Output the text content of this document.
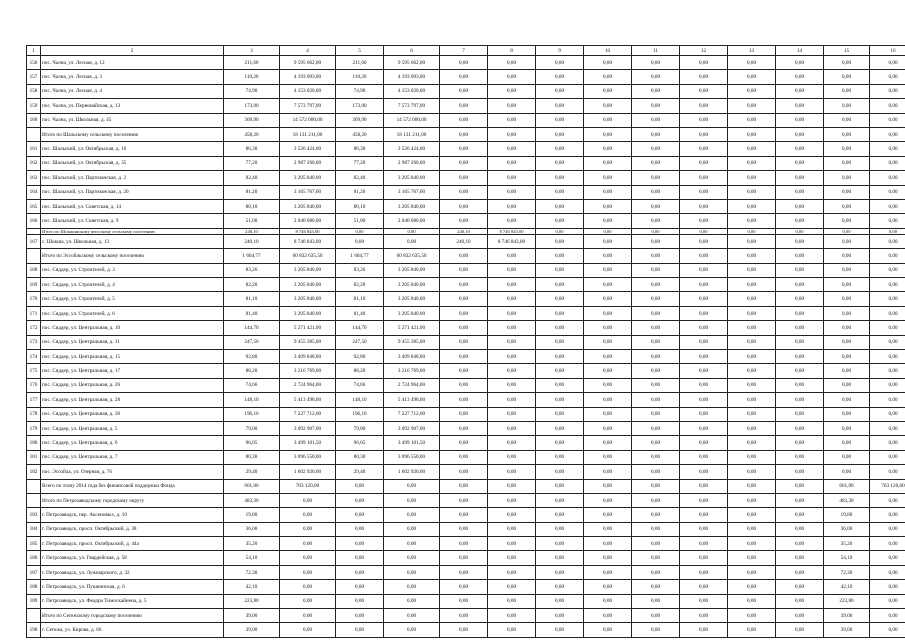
1	2	3	4	5	6	7	8	9	10	11	12	13	14	15	16
156	пос. Чална, ул. Лесная, д. 12	211,60	9 595 662,00	211,60	9 595 662,00	0,00	0,00	0,00	0,00	0,00	0,00	0,00	0,00	0,00	0,00
157	пос. Чална, ул. Лесная, д. 3	110,20	4 193 093,00	110,20	4 193 093,00	0,00	0,00	0,00	0,00	0,00	0,00	0,00	0,00	0,00	0,00
158	пос. Чална, ул. Лесная, д. 4	74,90	4 153 020,00	74,90	4 153 020,00	0,00	0,00	0,00	0,00	0,00	0,00	0,00	0,00	0,00	0,00
159	пос. Чална, ул. Первомайская, д. 13	173,00	7 573 797,00	173,00	7 573 797,00	0,00	0,00	0,00	0,00	0,00	0,00	0,00	0,00	0,00	0,00
160	пос. Чална, ул. Школьная, д. 45	369,90	14 572 000,00	369,90	14 572 000,00	0,00	0,00	0,00	0,00	0,00	0,00	0,00	0,00	0,00	0,00
	Итого по Шальскому сельскому поселению	458,20	18 131 211,00	458,20	18 131 211,00	0,00	0,00	0,00	0,00	0,00	0,00	0,00	0,00	0,00	0,00
161	пос. Шальский, ул. Октябрьская, д. 16	86,30	3 526 424,00	86,30	3 526 424,00	0,00	0,00	0,00	0,00	0,00	0,00	0,00	0,00	0,00	0,00
162	пос. Шальский, ул. Октябрьская, д. 35	77,20	2 987 260,00	77,20	2 987 260,00	0,00	0,00	0,00	0,00	0,00	0,00	0,00	0,00	0,00	0,00
163	пос. Шальский, ул. Партизанская, д. 2	82,40	3 205 840,00	82,40	3 205 840,00	0,00	0,00	0,00	0,00	0,00	0,00	0,00	0,00	0,00	0,00
164	пос. Шальский, ул. Партизанская, д. 20	81,20	3 165 767,00	81,20	3 165 767,00	0,00	0,00	0,00	0,00	0,00	0,00	0,00	0,00	0,00	0,00
165	пос. Шальский, ул. Советская, д. 14	80,10	3 205 840,00	80,10	3 205 840,00	0,00	0,00	0,00	0,00	0,00	0,00	0,00	0,00	0,00	0,00
166	пос. Шальский, ул. Советская, д. 9	51,00	2 040 080,00	51,00	2 040 080,00	0,00	0,00	0,00	0,00	0,00	0,00	0,00	0,00	0,00	0,00
	Итого по Шокшинскому вепсскому сельскому поселению	240,10	8 746 843,00	0,00	0,00	240,10	8 746 843,00	0,00	0,00	0,00	0,00	0,00	0,00	0,00	0,00
167	с. Шокша, ул. Школьная, д. 13	240,10	8 746 843,00	0,00	0,00	240,10	8 746 843,00	0,00	0,00	0,00	0,00	0,00	0,00	0,00	0,00
	Итого по Эссойльскому сельскому поселению	1 604,77	60 832 635,50	1 604,77	60 832 635,50	0,00	0,00	0,00	0,00	0,00	0,00	0,00	0,00	0,00	0,00
168	пос. Сяддер, ул. Строителей, д. 3	83,26	3 205 840,00	83,26	3 205 840,00	0,00	0,00	0,00	0,00	0,00	0,00	0,00	0,00	0,00	0,00
169	пос. Сяддер, ул. Строителей, д. 4	82,20	3 205 840,00	82,20	3 205 840,00	0,00	0,00	0,00	0,00	0,00	0,00	0,00	0,00	0,00	0,00
170	пос. Сяддер, ул. Строителей, д. 5	81,10	3 205 840,00	81,10	3 205 840,00	0,00	0,00	0,00	0,00	0,00	0,00	0,00	0,00	0,00	0,00
171	пос. Сяддер, ул. Строителей, д. 6	81,40	3 205 840,00	81,40	3 205 840,00	0,00	0,00	0,00	0,00	0,00	0,00	0,00	0,00	0,00	0,00
172	пос. Сяддер, ул. Центральная, д. 10	144,70	5 271 421,00	144,70	5 271 421,00	0,00	0,00	0,00	0,00	0,00	0,00	0,00	0,00	0,00	0,00
173	пос. Сяддер, ул. Центральная, д. 11	247,50	9 455 385,00	247,50	9 455 385,00	0,00	0,00	0,00	0,00	0,00	0,00	0,00	0,00	0,00	0,00
174	пос. Сяддер, ул. Центральная, д. 15	92,80	3 409 848,00	92,80	3 409 848,00	0,00	0,00	0,00	0,00	0,00	0,00	0,00	0,00	0,00	0,00
175	пос. Сяддер, ул. Центральная, д. 17	88,20	3 216 769,00	88,20	3 216 769,00	0,00	0,00	0,00	0,00	0,00	0,00	0,00	0,00	0,00	0,00
176	пос. Сяддер, ул. Центральная, д. 26	74,66	2 724 964,00	74,66	2 724 964,00	0,00	0,00	0,00	0,00	0,00	0,00	0,00	0,00	0,00	0,00
177	пос. Сяддер, ул. Центральная, д. 28	148,10	5 413 498,00	148,10	5 413 498,00	0,00	0,00	0,00	0,00	0,00	0,00	0,00	0,00	0,00	0,00
178	пос. Сяддер, ул. Центральная, д. 30	196,10	7 227 712,00	196,10	7 227 712,00	0,00	0,00	0,00	0,00	0,00	0,00	0,00	0,00	0,00	0,00
179	пос. Сяддер, ул. Центральная, д. 5	79,00	3 092 907,00	79,00	3 092 907,00	0,00	0,00	0,00	0,00	0,00	0,00	0,00	0,00	0,00	0,00
180	пос. Сяддер, ул. Центральная, д. 6	96,05	3 499 101,50	96,05	3 499 101,50	0,00	0,00	0,00	0,00	0,00	0,00	0,00	0,00	0,00	0,00
181	пос. Сяддер, ул. Центральная, д. 7	80,30	3 096 550,00	80,30	3 096 550,00	0,00	0,00	0,00	0,00	0,00	0,00	0,00	0,00	0,00	0,00
182	пос. Эссойла, ул. Озерная, д. 76	29,40	1 602 920,00	29,40	1 602 920,00	0,00	0,00	0,00	0,00	0,00	0,00	0,00	0,00	0,00	0,00
	Всего по этапу 2014 года без финансовой поддержки Фонда	661,00	703 120,00	0,00	0,00	0,00	0,00	0,00	0,00	0,00	0,00	0,00	0,00	661,00	703 120,00
	Итого по Петрозаводскому городскому округу	483,30	0,00	0,00	0,00	0,00	0,00	0,00	0,00	0,00	0,00	0,00	0,00	483,30	0,00
183	г. Петрозаводск, пер. Аксеновых, д. 10	19,80	0,00	0,00	0,00	0,00	0,00	0,00	0,00	0,00	0,00	0,00	0,00	19,80	0,00
184	г. Петрозаводск, просп. Октябрьский, д. 38	36,00	0,00	0,00	0,00	0,00	0,00	0,00	0,00	0,00	0,00	0,00	0,00	36,00	0,00
185	г. Петрозаводск, просп. Октябрьский, д. 44а	35,20	0,00	0,00	0,00	0,00	0,00	0,00	0,00	0,00	0,00	0,00	0,00	35,20	0,00
186	г. Петрозаводск, ул. Гвардейская, д. 58	54,10	0,00	0,00	0,00	0,00	0,00	0,00	0,00	0,00	0,00	0,00	0,00	54,10	0,00
187	г. Петрозаводск, ул. Луначарского, д. 32	72,30	0,00	0,00	0,00	0,00	0,00	0,00	0,00	0,00	0,00	0,00	0,00	72,30	0,00
188	г. Петрозаводск, ул. Пушкинская, д. 6	42,10	0,00	0,00	0,00	0,00	0,00	0,00	0,00	0,00	0,00	0,00	0,00	42,10	0,00
189	г. Петрозаводск, ул. Федора Тимоскайнена, д. 5	223,80	0,00	0,00	0,00	0,00	0,00	0,00	0,00	0,00	0,00	0,00	0,00	223,80	0,00
	Итого по Сегежскому городскому поселению	39,00	0,00	0,00	0,00	0,00	0,00	0,00	0,00	0,00	0,00	0,00	0,00	39,00	0,00
190	г. Сегежа, ул. Кирова, д. 66	39,00	0,00	0,00	0,00	0,00	0,00	0,00	0,00	0,00	0,00	0,00	0,00	39,00	0,00
